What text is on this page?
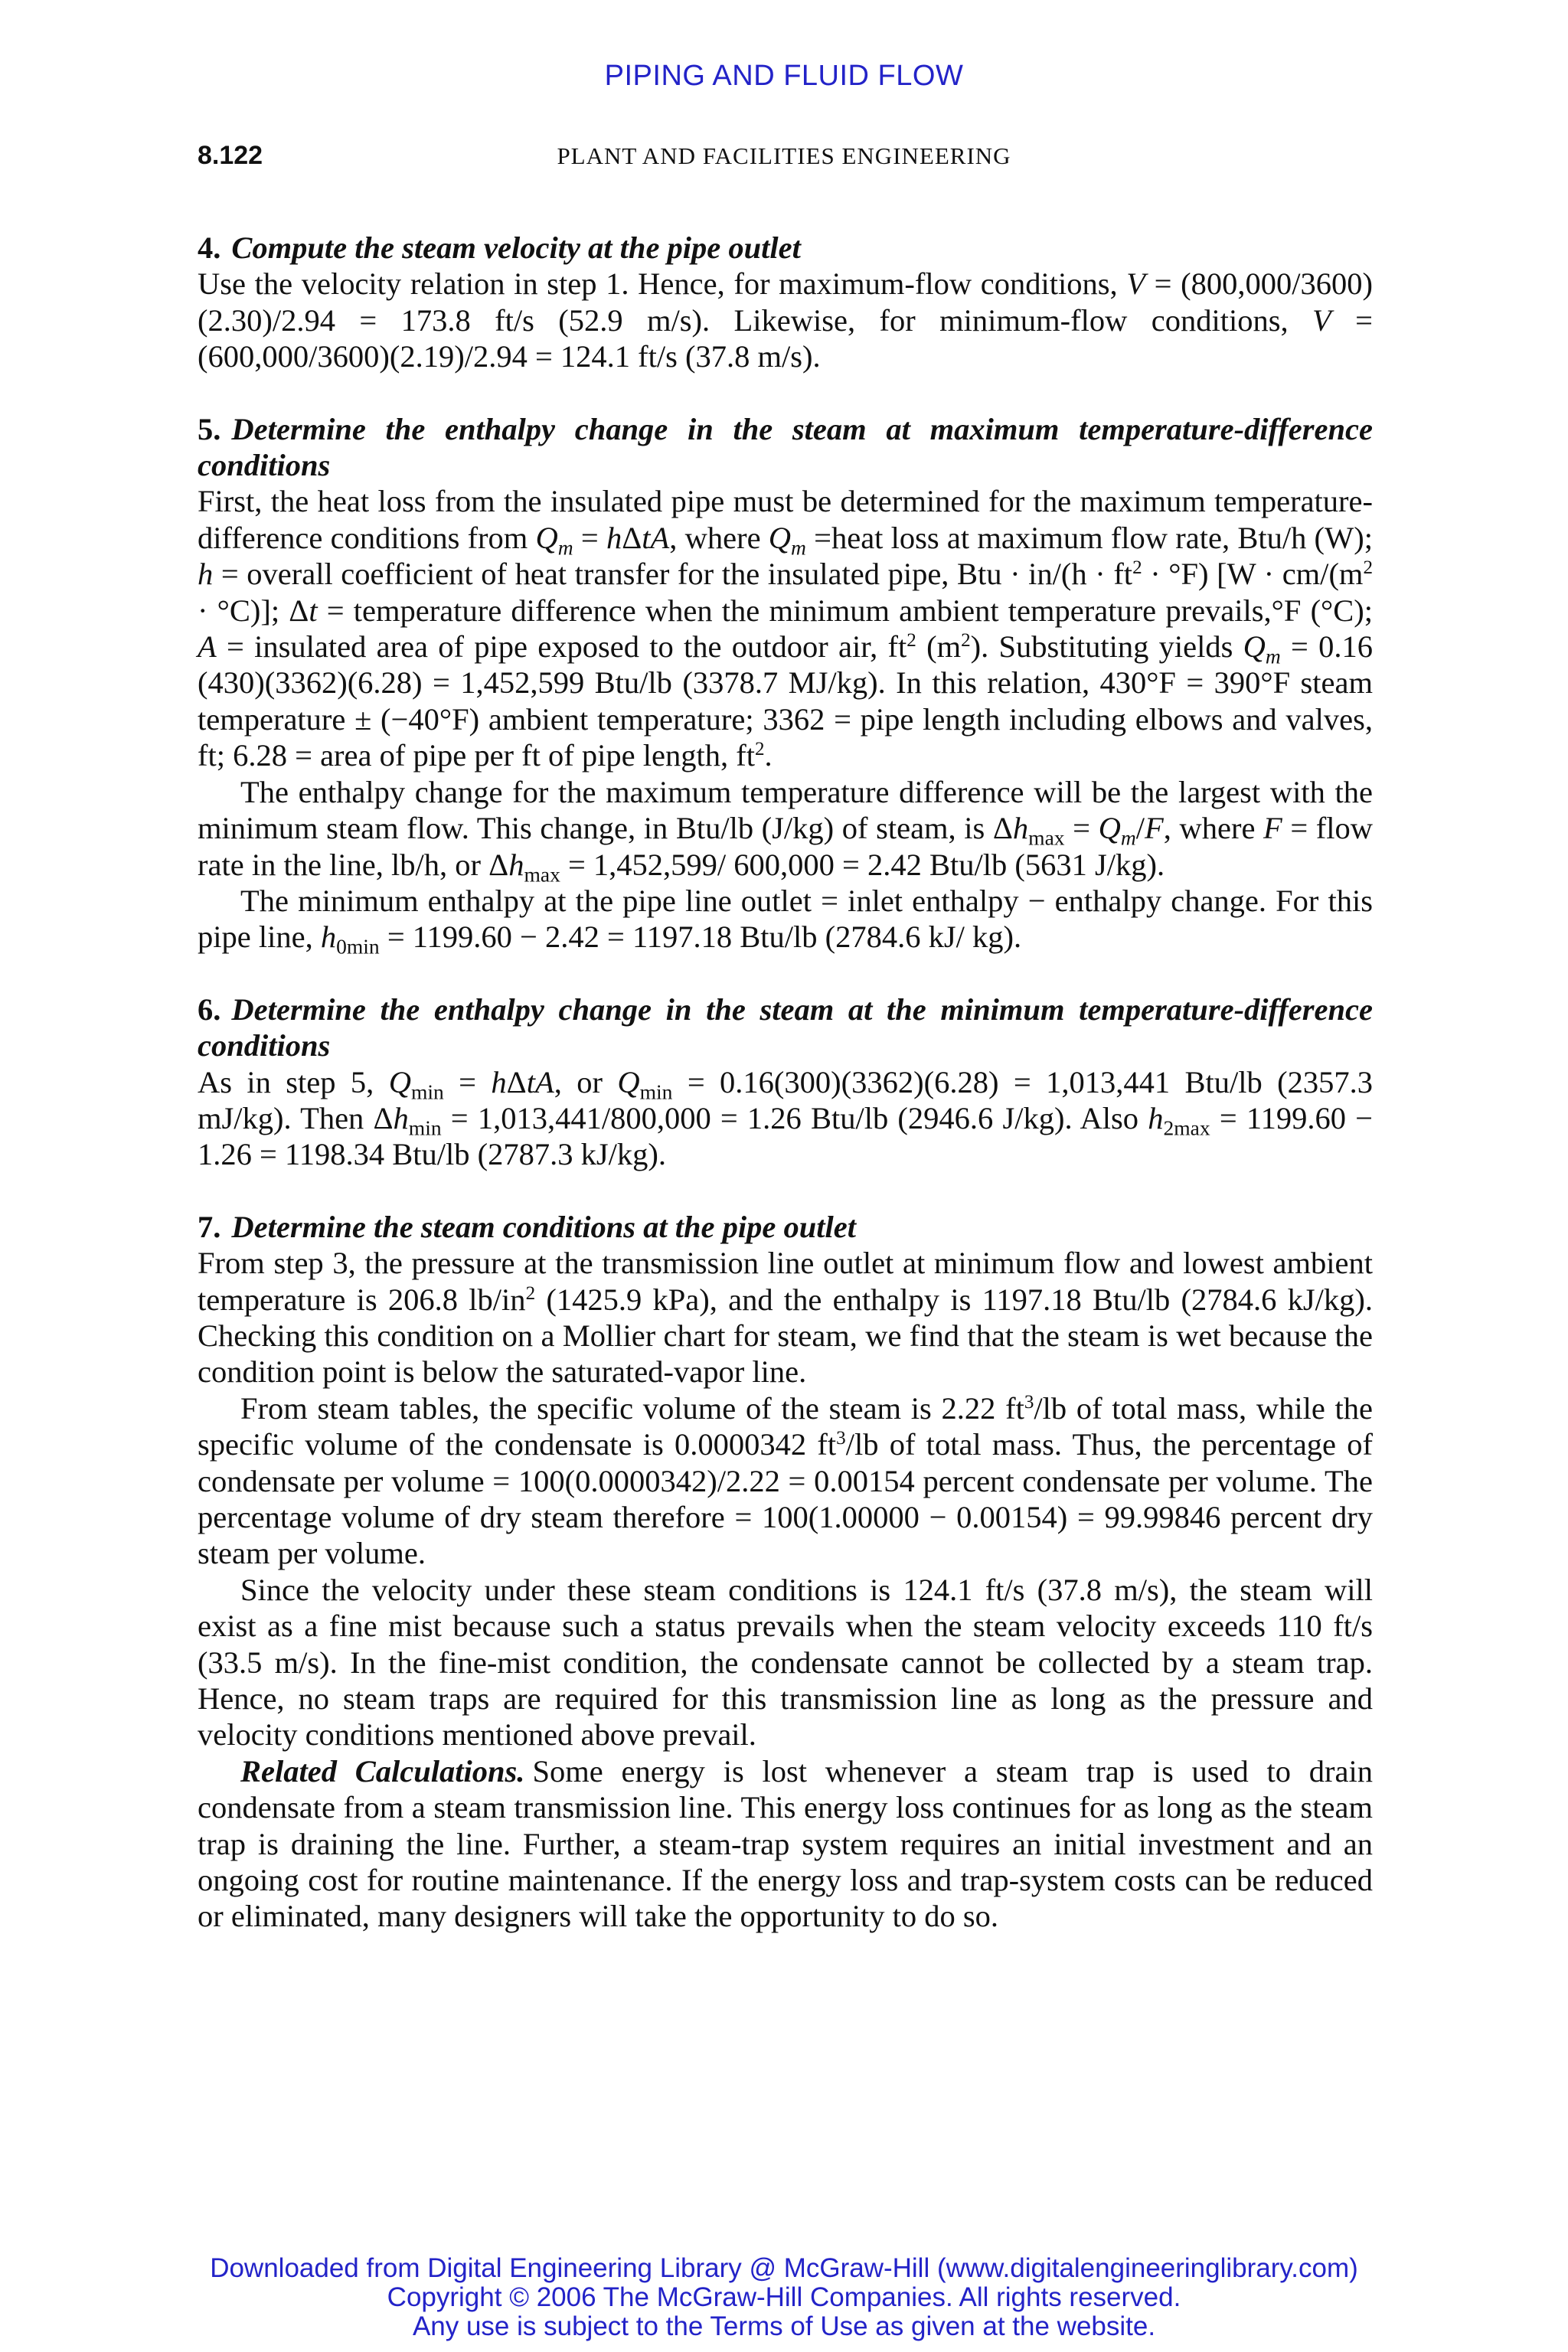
PIPING AND FLUID FLOW
8.122	PLANT AND FACILITIES ENGINEERING
4. Compute the steam velocity at the pipe outlet

Use the velocity relation in step 1. Hence, for maximum-flow conditions, V = (800,000/3600)(2.30)/2.94 = 173.8 ft/s (52.9 m/s). Likewise, for minimum-flow conditions, V = (600,000/3600)(2.19)/2.94 = 124.1 ft/s (37.8 m/s).

5. Determine the enthalpy change in the steam at maximum temperature-difference conditions

First, the heat loss from the insulated pipe must be determined for the maximum temperature-difference conditions from $Q_m = h\Delta tA$, where $Q_m$ =heat loss at maximum flow rate, Btu/h (W); h = overall coefficient of heat transfer for the insulated pipe, Btu · $in/(h \cdot ft^2 \cdot ^\circ F)$ $[W \cdot cm/(m^2 \cdot ^\circ C)]$; Δt = temperature difference when the minimum ambient temperature prevails,°F (°C); A = insulated area of pipe exposed to the outdoor air, $ft^2$ $(m^2)$. Substituting yields $Q_m = 0.16$ (430)(3362)(6.28) = 1,452,599 Btu/lb (3378.7 MJ/kg). In this relation, 430°F = 390°F steam temperature ± (−40°F) ambient temperature; 3362 = pipe length including elbows and valves, ft; 6.28 = area of pipe per ft of pipe length, $ft^2$.

The enthalpy change for the maximum temperature difference will be the largest with the minimum steam flow. This change, in Btu/lb (J/kg) of steam, is $\Delta h_{max} = Q_m/F$, where F = flow rate in the line, lb/h, or $\Delta h_{max} = 1,452,599/$ 600,000 = 2.42 Btu/lb (5631 J/kg).

The minimum enthalpy at the pipe line outlet = inlet enthalpy − enthalpy change. For this pipe line, $h_{0min} = 1199.60 - 2.42 = 1197.18$ Btu/lb (2784.6 kJ/ kg).

6. Determine the enthalpy change in the steam at the minimum temperature-difference conditions

As in step 5, $Q_{min} = h\Delta tA$, or $Q_{min} = 0.16(300)(3362)(6.28) = 1,013,441$ Btu/lb (2357.3 mJ/kg). Then $\Delta h_{min} = 1,013,441/800,000 = 1.26$ Btu/lb (2946.6 J/kg). Also $h_{2max} = 1199.60 - 1.26 = 1198.34$ Btu/lb (2787.3 kJ/kg).

7. Determine the steam conditions at the pipe outlet

From step 3, the pressure at the transmission line outlet at minimum flow and lowest ambient temperature is 206.8 $lb/in^2$ (1425.9 kPa), and the enthalpy is 1197.18 Btu/lb (2784.6 kJ/kg). Checking this condition on a Mollier chart for steam, we find that the steam is wet because the condition point is below the saturated-vapor line.

From steam tables, the specific volume of the steam is 2.22 $ft^3/lb$ of total mass, while the specific volume of the condensate is 0.0000342 $ft^3/lb$ of total mass. Thus, the percentage of condensate per volume = 100(0.0000342)/2.22 = 0.00154 percent condensate per volume. The percentage volume of dry steam therefore = 100(1.00000 − 0.00154) = 99.99846 percent dry steam per volume.

Since the velocity under these steam conditions is 124.1 ft/s (37.8 m/s), the steam will exist as a fine mist because such a status prevails when the steam velocity exceeds 110 ft/s (33.5 m/s). In the fine-mist condition, the condensate cannot be collected by a steam trap. Hence, no steam traps are required for this transmission line as long as the pressure and velocity conditions mentioned above prevail.

Related Calculations. Some energy is lost whenever a steam trap is used to drain condensate from a steam transmission line. This energy loss continues for as long as the steam trap is draining the line. Further, a steam-trap system requires an initial investment and an ongoing cost for routine maintenance. If the energy loss and trap-system costs can be reduced or eliminated, many designers will take the opportunity to do so.

Downloaded from Digital Engineering Library @ McGraw-Hill (www.digitalengineeringlibrary.com)
Copyright © 2006 The McGraw-Hill Companies. All rights reserved.
Any use is subject to the Terms of Use as given at the website.
